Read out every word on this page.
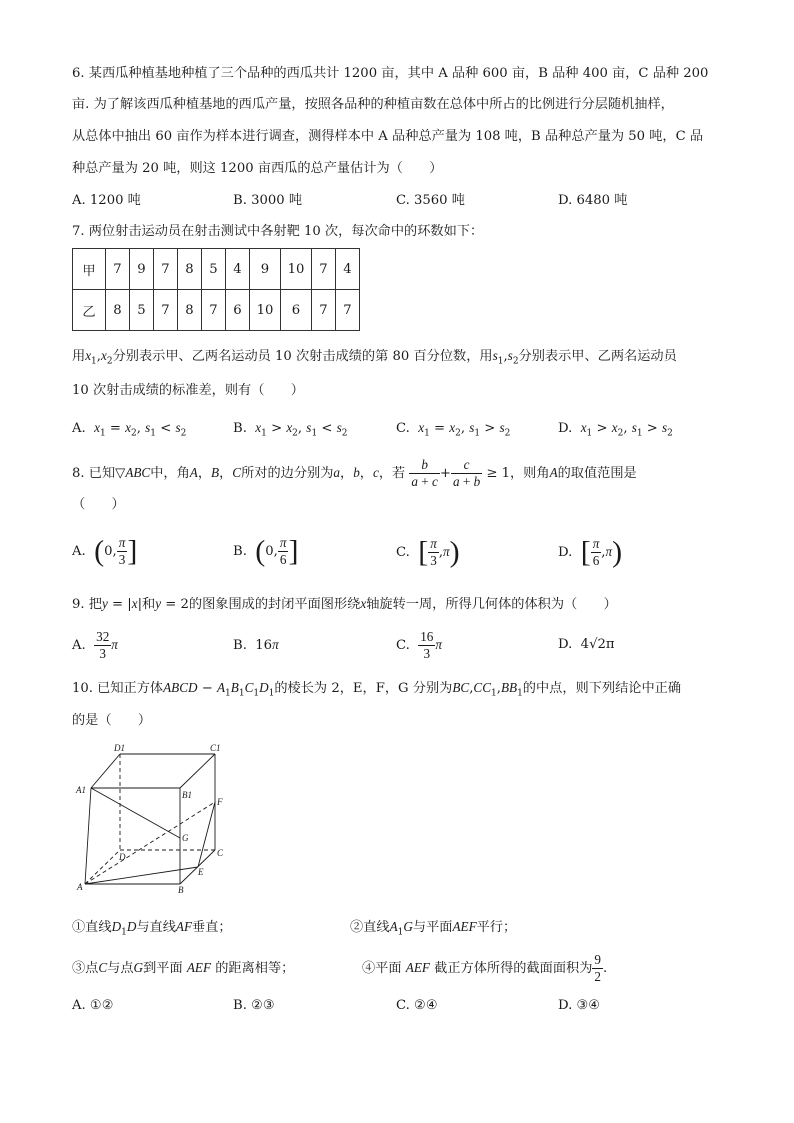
6. 某西瓜种植基地种植了三个品种的西瓜共计 1200 亩，其中 A 品种 600 亩，B 品种 400 亩，C 品种 200
亩. 为了解该西瓜种植基地的西瓜产量，按照各品种的种植亩数在总体中所占的比例进行分层随机抽样，
从总体中抽出 60 亩作为样本进行调查，测得样本中 A 品种总产量为 108 吨，B 品种总产量为 50 吨，C 品
种总产量为 20 吨，则这 1200 亩西瓜的总产量估计为（　　）
A. 1200 吨	B. 3000 吨	C. 3560 吨	D. 6480 吨
7. 两位射击运动员在射击测试中各射靶 10 次，每次命中的环数如下：
甲	7	9	7	8	5	4	9	10	7	4
乙	8	5	7	8	7	6	10	6	7	7
用$x_1,x_2$分别表示甲、乙两名运动员 10 次射击成绩的第 80 百分位数，用$s_1,s_2$分别表示甲、乙两名运动员
10 次射击成绩的标准差，则有（　　）
A. $x_1 = x_2$, $s_1 < s_2$	B. $x_1 > x_2$, $s_1 < s_2$	C. $x_1 = x_2$, $s_1 > s_2$	D. $x_1 > x_2$, $s_1 > s_2$
8. 已知▽ABC中，角A，B，C所对的边分别为a，b，c，若 $\frac{b}{a + c} + \frac{c}{a + b} \ge 1$，则角A的取值范围是
（　　）
A. (0, $\frac{\pi}{3}$ ]	B. (0, $\frac{\pi}{6}$ ]	C. [ $\frac{\pi}{3} ,\pi$)	D. [ $\frac{\pi}{6} ,\pi$)
9. 把y = |x|和y = 2的图象围成的封闭平面图形绕x轴旋转一周，所得几何体的体积为（　　）
A. $\frac{32}{3}$ π	B.  16π	C. $\frac{16}{3}$ π	D.  4√2π
10. 已知正方体ABCD − $A_1B_1C_1D_1$的棱长为 2，E，F，G 分别为$BC,CC_1,BB_1$的中点，则下列结论中正确
的是（　　）
D1	C1
A1	B1
F
G
D	C
E
A	B
①直线$D_1D$与直线AF垂直；	②直线$A_1G$与平面AEF平行；
③点C与点G到平面 AEF 的距离相等；	④平面 AEF 截正方体所得的截面面积为 $\frac{9}{2}$ .
A. ①②	B. ②③	C. ②④	D. ③④
